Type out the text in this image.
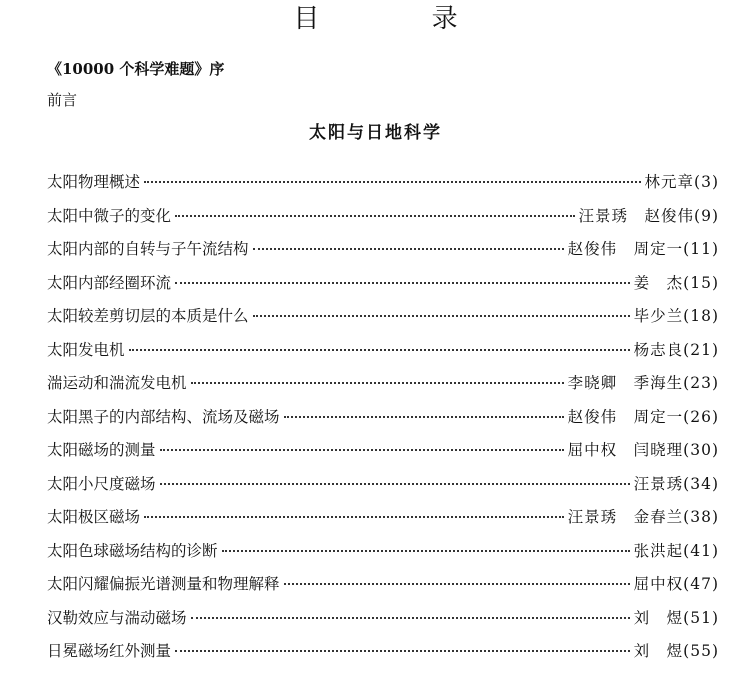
目 录
《10000 个科学难题》序
前言
太阳与日地科学
太阳物理概述	林元章(3)
太阳中微子的变化	汪景琇　赵俊伟(9)
太阳内部的自转与子午流结构	赵俊伟　周定一(11)
太阳内部经圈环流	姜　杰(15)
太阳较差剪切层的本质是什么	毕少兰(18)
太阳发电机	杨志良(21)
湍运动和湍流发电机	李晓卿　季海生(23)
太阳黑子的内部结构、流场及磁场	赵俊伟　周定一(26)
太阳磁场的测量	屈中权　闫晓理(30)
太阳小尺度磁场	汪景琇(34)
太阳极区磁场	汪景琇　金春兰(38)
太阳色球磁场结构的诊断	张洪起(41)
太阳闪耀偏振光谱测量和物理解释	屈中权(47)
汉勒效应与湍动磁场	刘　煜(51)
日冕磁场红外测量	刘　煜(55)
